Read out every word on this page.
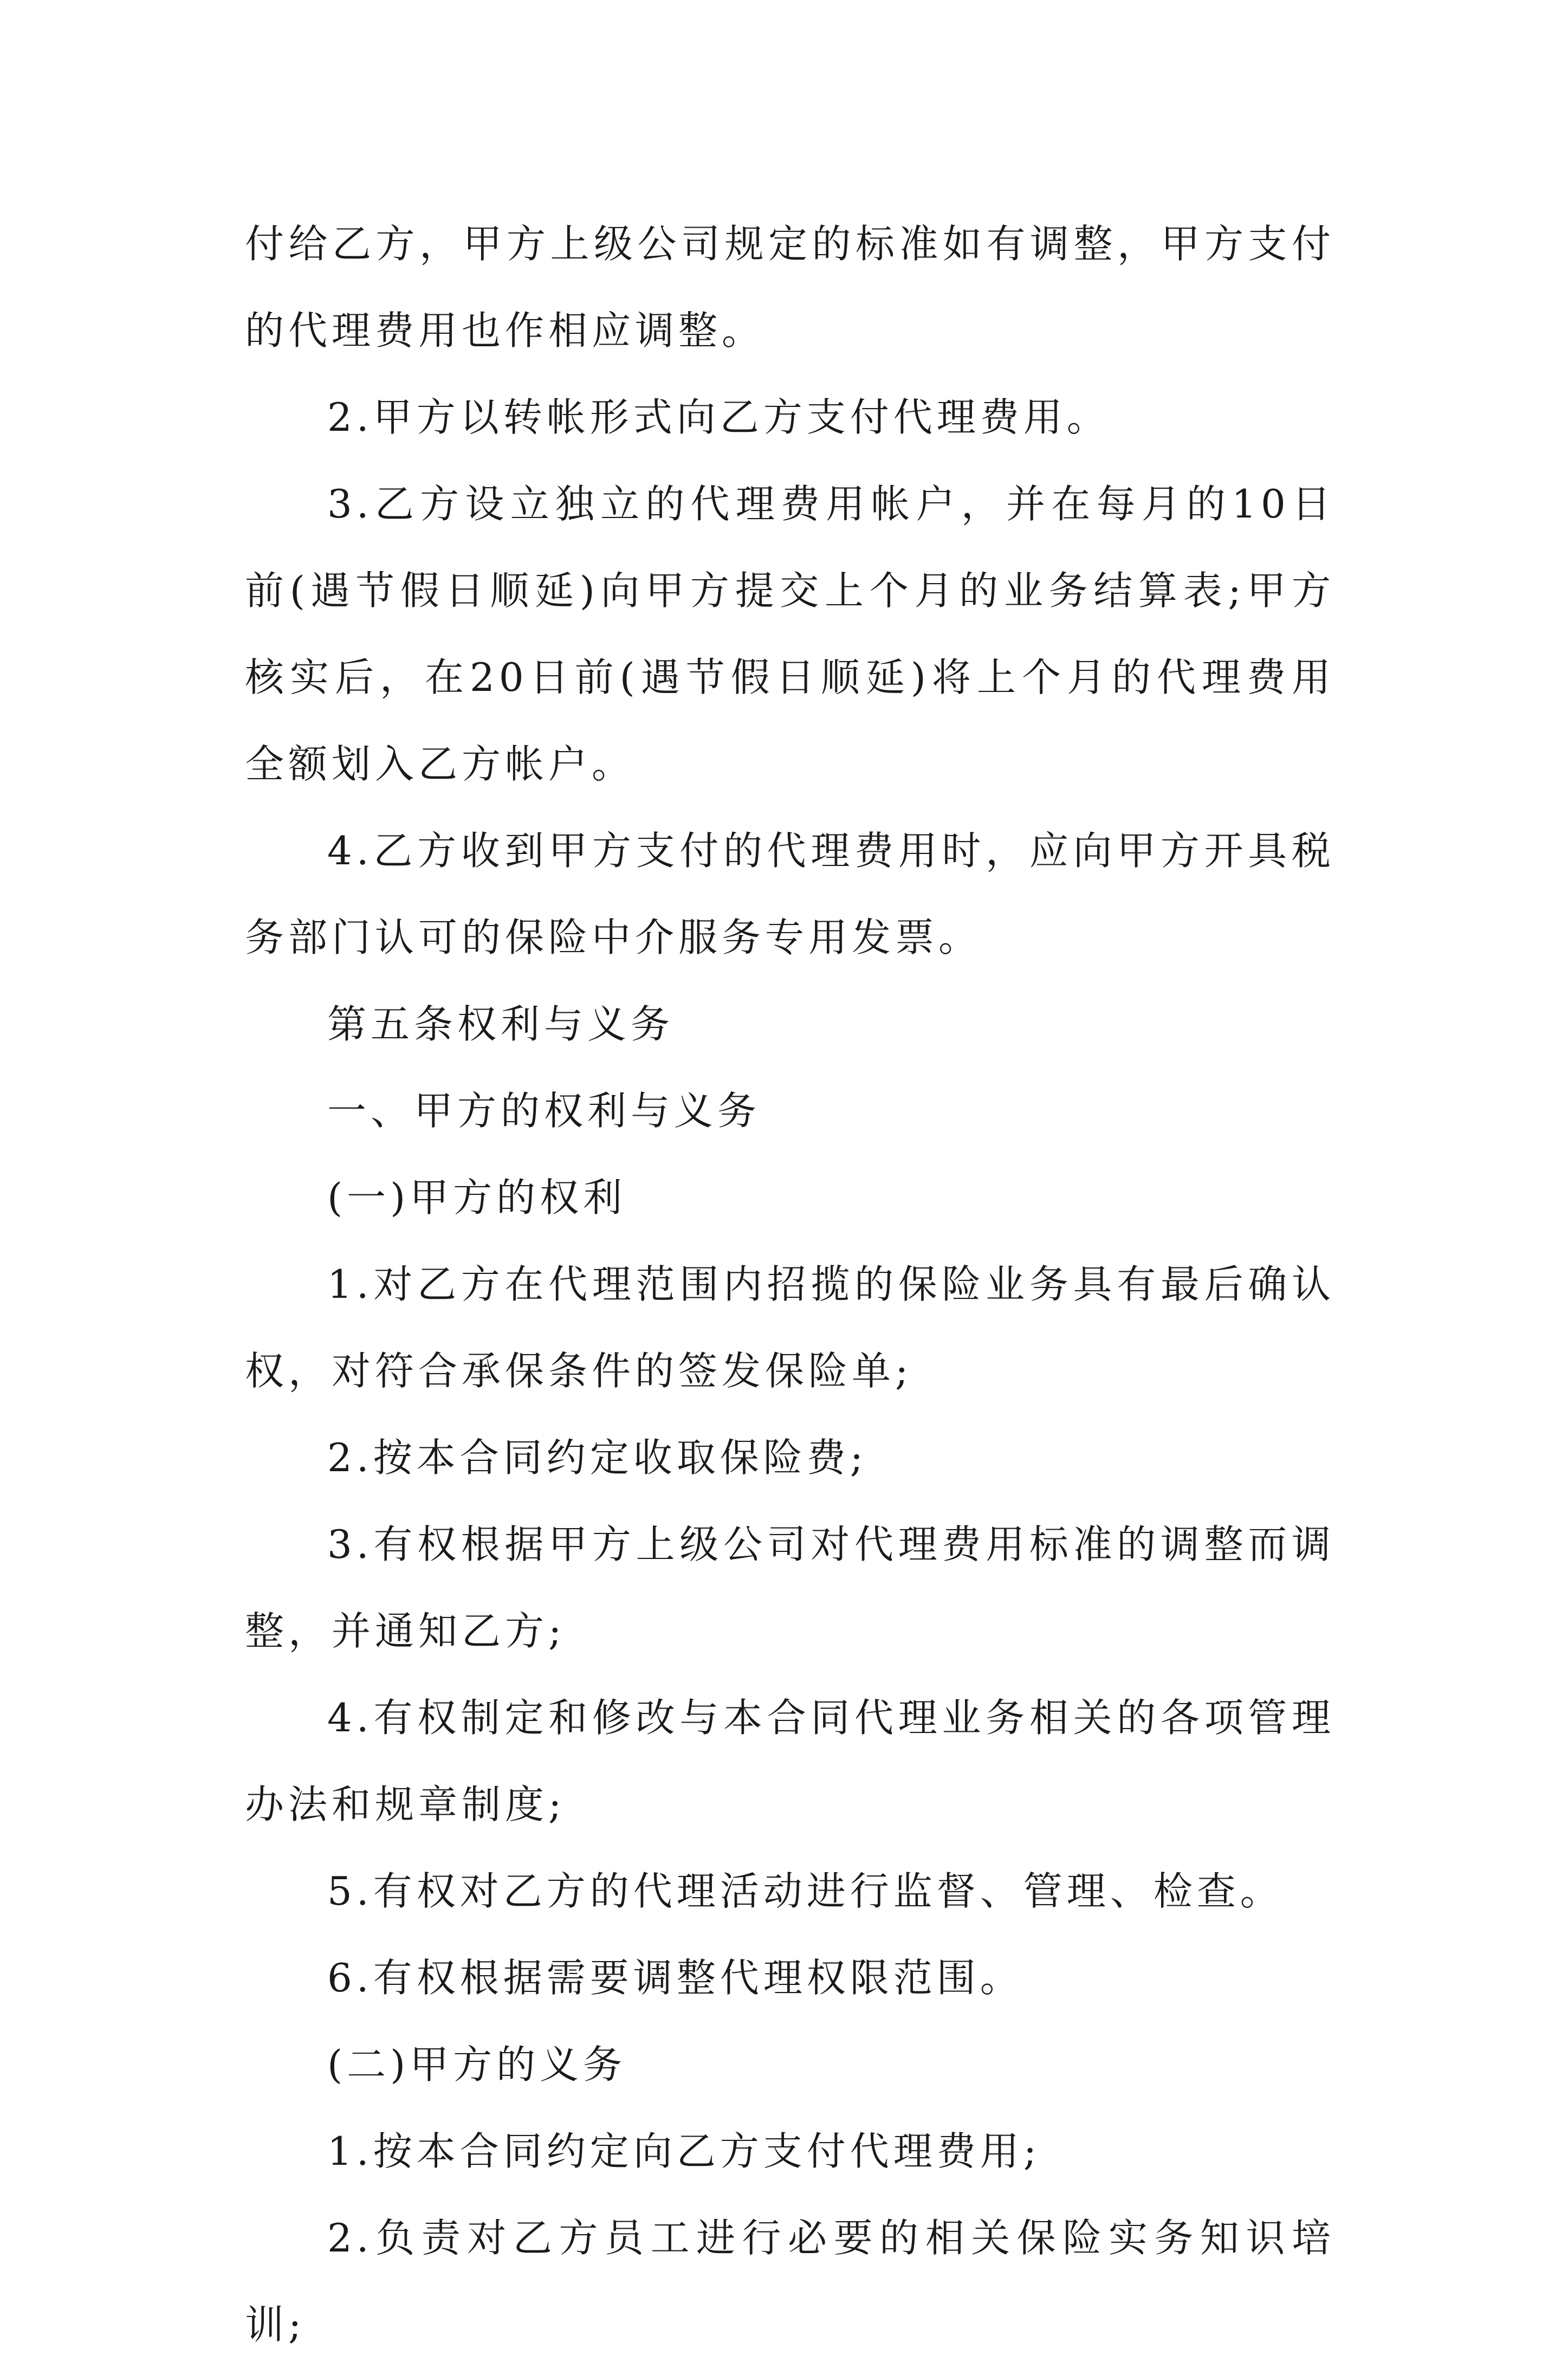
付给乙方，甲方上级公司规定的标准如有调整，甲方支付的代理费用也作相应调整。

2.甲方以转帐形式向乙方支付代理费用。

3.乙方设立独立的代理费用帐户，并在每月的10日前(遇节假日顺延)向甲方提交上个月的业务结算表;甲方核实后，在20日前(遇节假日顺延)将上个月的代理费用全额划入乙方帐户。

4.乙方收到甲方支付的代理费用时，应向甲方开具税务部门认可的保险中介服务专用发票。

第五条权利与义务

一、甲方的权利与义务

(一)甲方的权利

1.对乙方在代理范围内招揽的保险业务具有最后确认权，对符合承保条件的签发保险单;

2.按本合同约定收取保险费;

3.有权根据甲方上级公司对代理费用标准的调整而调整，并通知乙方;

4.有权制定和修改与本合同代理业务相关的各项管理办法和规章制度;

5.有权对乙方的代理活动进行监督、管理、检查。

6.有权根据需要调整代理权限范围。

(二)甲方的义务

1.按本合同约定向乙方支付代理费用;

2.负责对乙方员工进行必要的相关保险实务知识培训;
